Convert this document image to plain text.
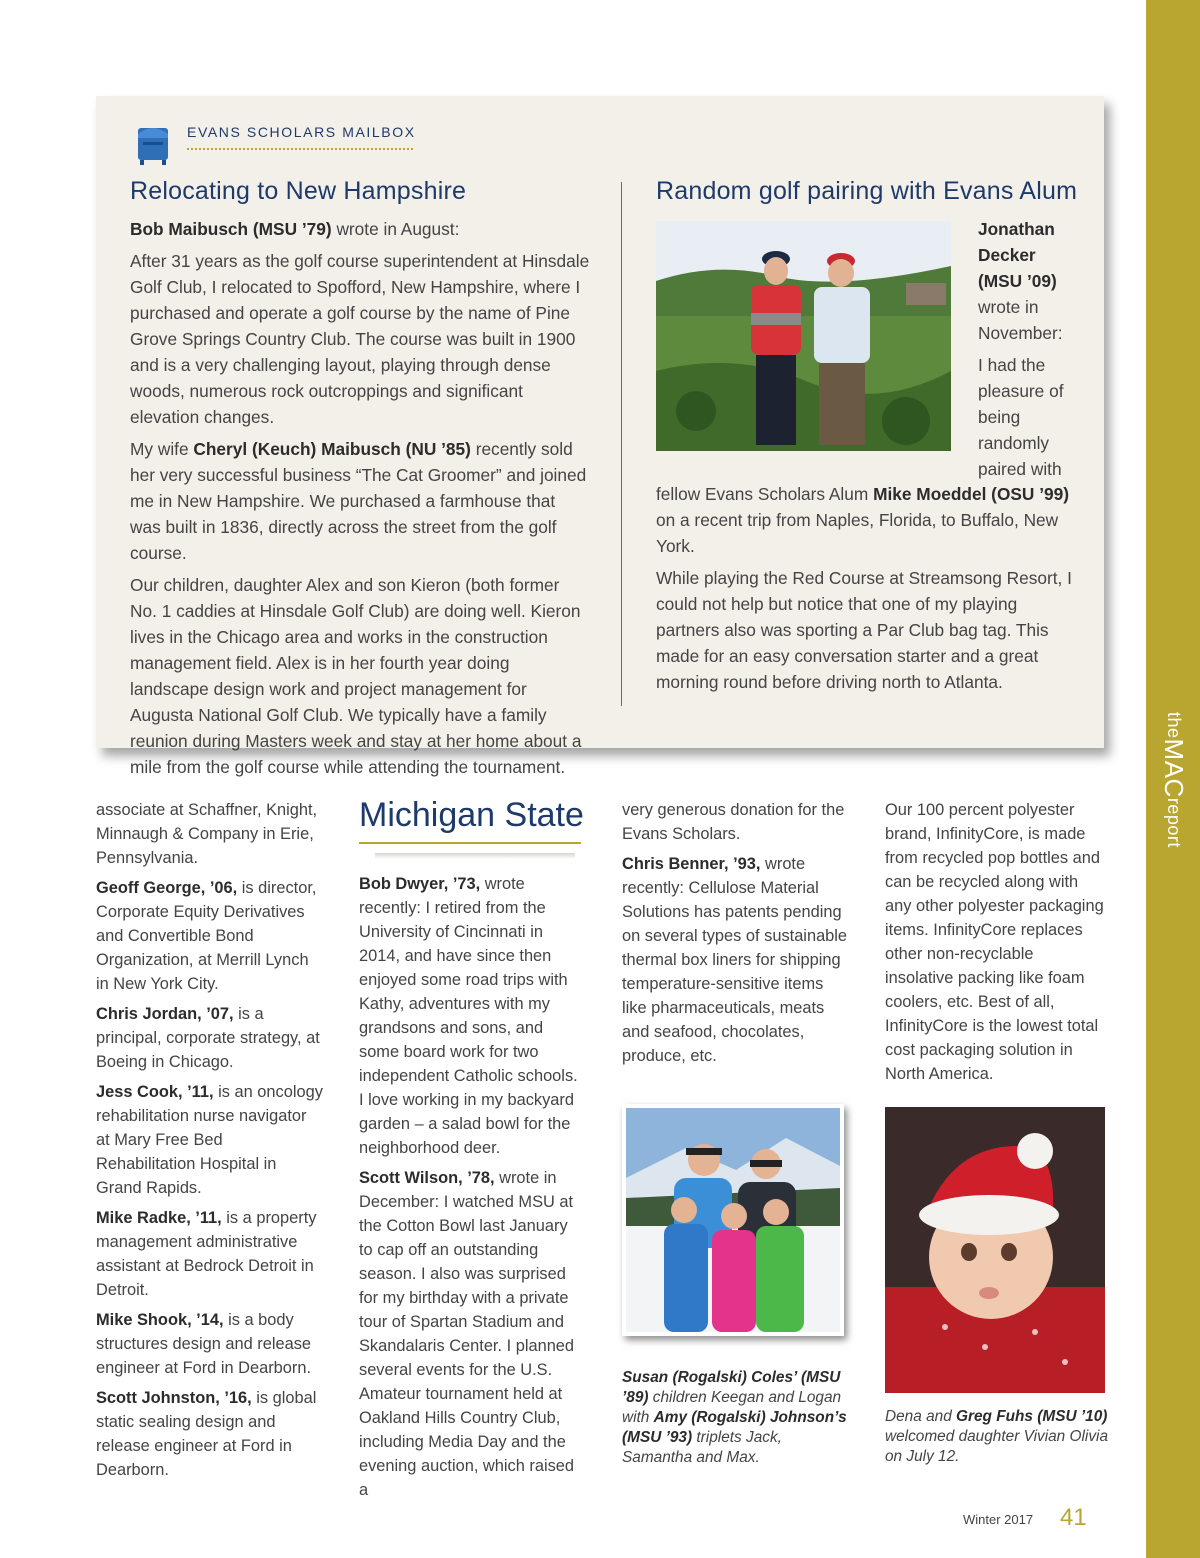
theMACreport
EVANS SCHOLARS MAILBOX
Relocating to New Hampshire

Bob Maibusch (MSU ’79) wrote in August:

After 31 years as the golf course superintendent at Hinsdale Golf Club, I relocated to Spofford, New Hampshire, where I purchased and operate a golf course by the name of Pine Grove Springs Country Club. The course was built in 1900 and is a very challenging layout, playing through dense woods, numerous rock outcroppings and significant elevation changes.

My wife Cheryl (Keuch) Maibusch (NU ’85) recently sold her very successful business “The Cat Groomer” and joined me in New Hampshire. We purchased a farmhouse that was built in 1836, directly across the street from the golf course.

Our children, daughter Alex and son Kieron (both former No. 1 caddies at Hinsdale Golf Club) are doing well. Kieron lives in the Chicago area and works in the construction management field. Alex is in her fourth year doing landscape design work and project management for Augusta National Golf Club. We typically have a family reunion during Masters week and stay at her home about a mile from the golf course while attending the tournament.

Random golf pairing with Evans Alum

Jonathan Decker (MSU ’09)
wrote in November:

I had the pleasure of being randomly paired with

fellow Evans Scholars Alum Mike Moeddel (OSU ’99) on a recent trip from Naples, Florida, to Buffalo, New York.

While playing the Red Course at Streamsong Resort, I could not help but notice that one of my playing partners also was sporting a Par Club bag tag. This made for an easy conversation starter and a great morning round before driving north to Atlanta.

associate at Schaffner, Knight, Minnaugh & Company in Erie, Pennsylvania.

Geoff George, ’06, is director, Corporate Equity Derivatives and Convertible Bond Organization, at Merrill Lynch in New York City.

Chris Jordan, ’07, is a principal, corporate strategy, at Boeing in Chicago.

Jess Cook, ’11, is an oncology rehabilitation nurse navigator at Mary Free Bed Rehabilitation Hospital in Grand Rapids.

Mike Radke, ’11, is a property management administrative assistant at Bedrock Detroit in Detroit.

Mike Shook, ’14, is a body structures design and release engineer at Ford in Dearborn.

Scott Johnston, ’16, is global static sealing design and release engineer at Ford in Dearborn.

Michigan State

Bob Dwyer, ’73, wrote recently: I retired from the University of Cincinnati in 2014, and have since then enjoyed some road trips with Kathy, adventures with my grandsons and sons, and some board work for two independent Catholic schools. I love working in my backyard garden – a salad bowl for the neighborhood deer.

Scott Wilson, ’78, wrote in December: I watched MSU at the Cotton Bowl last January to cap off an outstanding season. I also was surprised for my birthday with a private tour of Spartan Stadium and Skandalaris Center. I planned several events for the U.S. Amateur tournament held at Oakland Hills Country Club, including Media Day and the evening auction, which raised a

very generous donation for the Evans Scholars.

Chris Benner, ’93, wrote recently: Cellulose Material Solutions has patents pending on several types of sustainable thermal box liners for shipping temperature-sensitive items like pharmaceuticals, meats and seafood, chocolates, produce, etc.

Susan (Rogalski) Coles’ (MSU ’89) children Keegan and Logan with Amy (Rogalski) Johnson’s (MSU ’93) triplets Jack, Samantha and Max.

Our 100 percent polyester brand, InfinityCore, is made from recycled pop bottles and can be recycled along with any other polyester packaging items. InfinityCore replaces other non-recyclable insolative packing like foam coolers, etc. Best of all, InfinityCore is the lowest total cost packaging solution in North America.

Dena and Greg Fuhs (MSU ’10) welcomed daughter Vivian Olivia on July 12.
Winter 2017 41
